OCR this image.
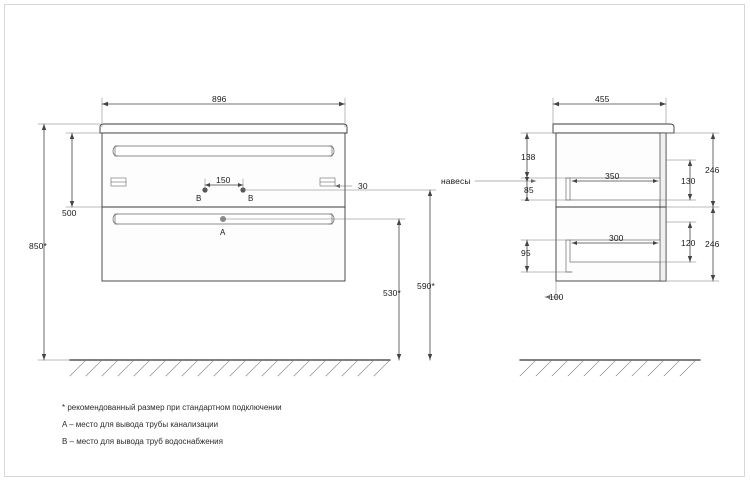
896
150
30
500
850*
530*
590*
455
138
85
350	130
246
300	120 246
95
100
навесы
B	B
A
* рекомендованный размер при стандартном подключении
A – место для вывода трубы канализации
B – место для вывода труб водоснабжения
